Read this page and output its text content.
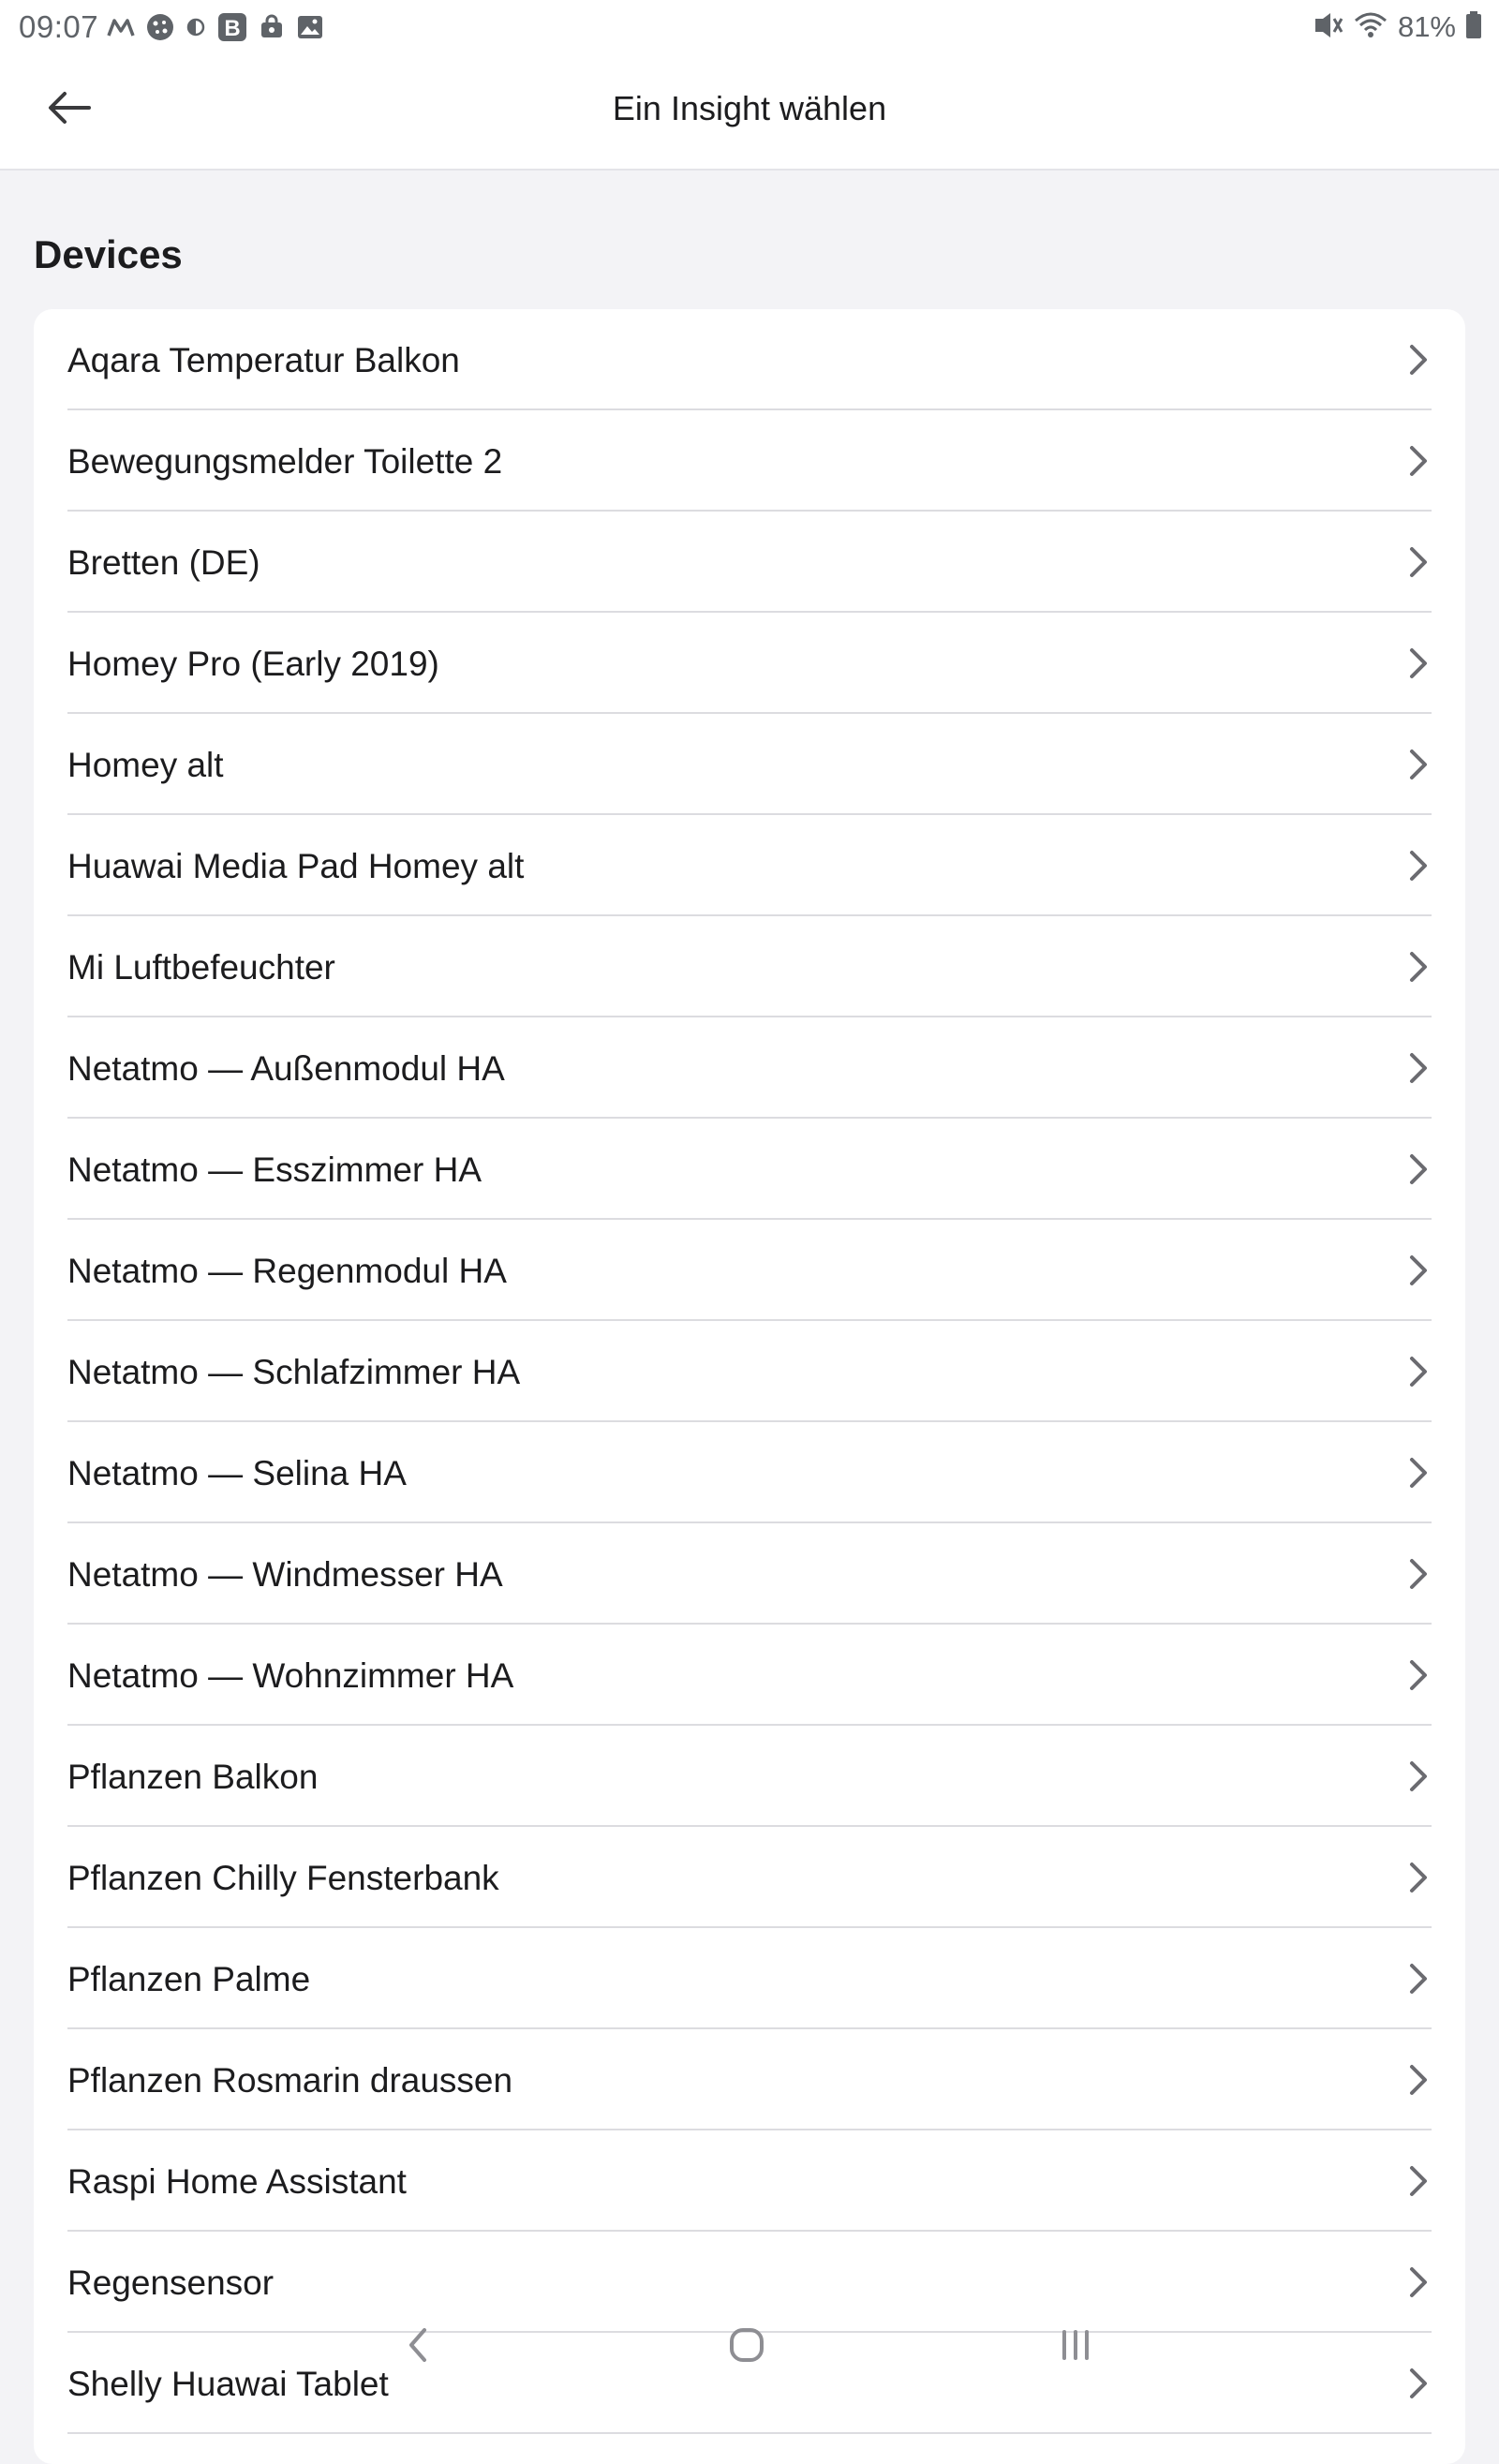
09:07	B	81%
Ein Insight wählen
Devices
Aqara Temperatur Balkon
Bewegungsmelder Toilette 2
Bretten (DE)
Homey Pro (Early 2019)
Homey alt
Huawai Media Pad Homey alt
Mi Luftbefeuchter
Netatmo — Außenmodul HA
Netatmo — Esszimmer HA
Netatmo — Regenmodul HA
Netatmo — Schlafzimmer HA
Netatmo — Selina HA
Netatmo — Windmesser HA
Netatmo — Wohnzimmer HA
Pflanzen Balkon
Pflanzen Chilly Fensterbank
Pflanzen Palme
Pflanzen Rosmarin draussen
Raspi Home Assistant
Regensensor
Shelly Huawai Tablet
